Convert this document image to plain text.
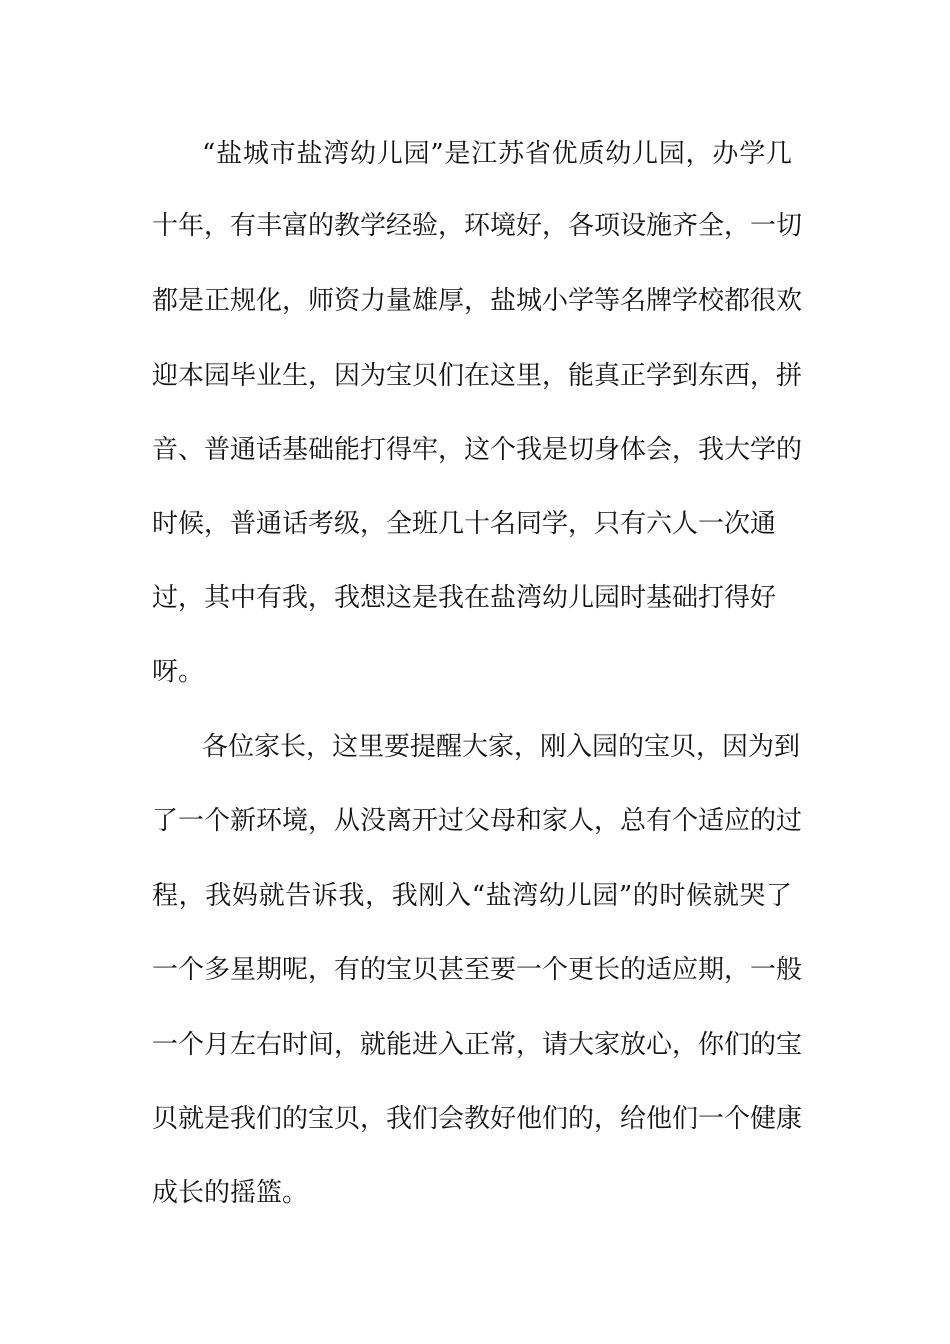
“盐城市盐湾幼儿园”是江苏省优质幼儿园，办学几
十年，有丰富的教学经验，环境好，各项设施齐全，一切
都是正规化，师资力量雄厚，盐城小学等名牌学校都很欢
迎本园毕业生，因为宝贝们在这里，能真正学到东西，拼
音、普通话基础能打得牢，这个我是切身体会，我大学的
时候，普通话考级，全班几十名同学，只有六人一次通
过，其中有我，我想这是我在盐湾幼儿园时基础打得好
呀。
各位家长，这里要提醒大家，刚入园的宝贝，因为到
了一个新环境，从没离开过父母和家人，总有个适应的过
程，我妈就告诉我，我刚入“盐湾幼儿园”的时候就哭了
一个多星期呢，有的宝贝甚至要一个更长的适应期，一般
一个月左右时间，就能进入正常，请大家放心，你们的宝
贝就是我们的宝贝，我们会教好他们的，给他们一个健康
成长的摇篮。
